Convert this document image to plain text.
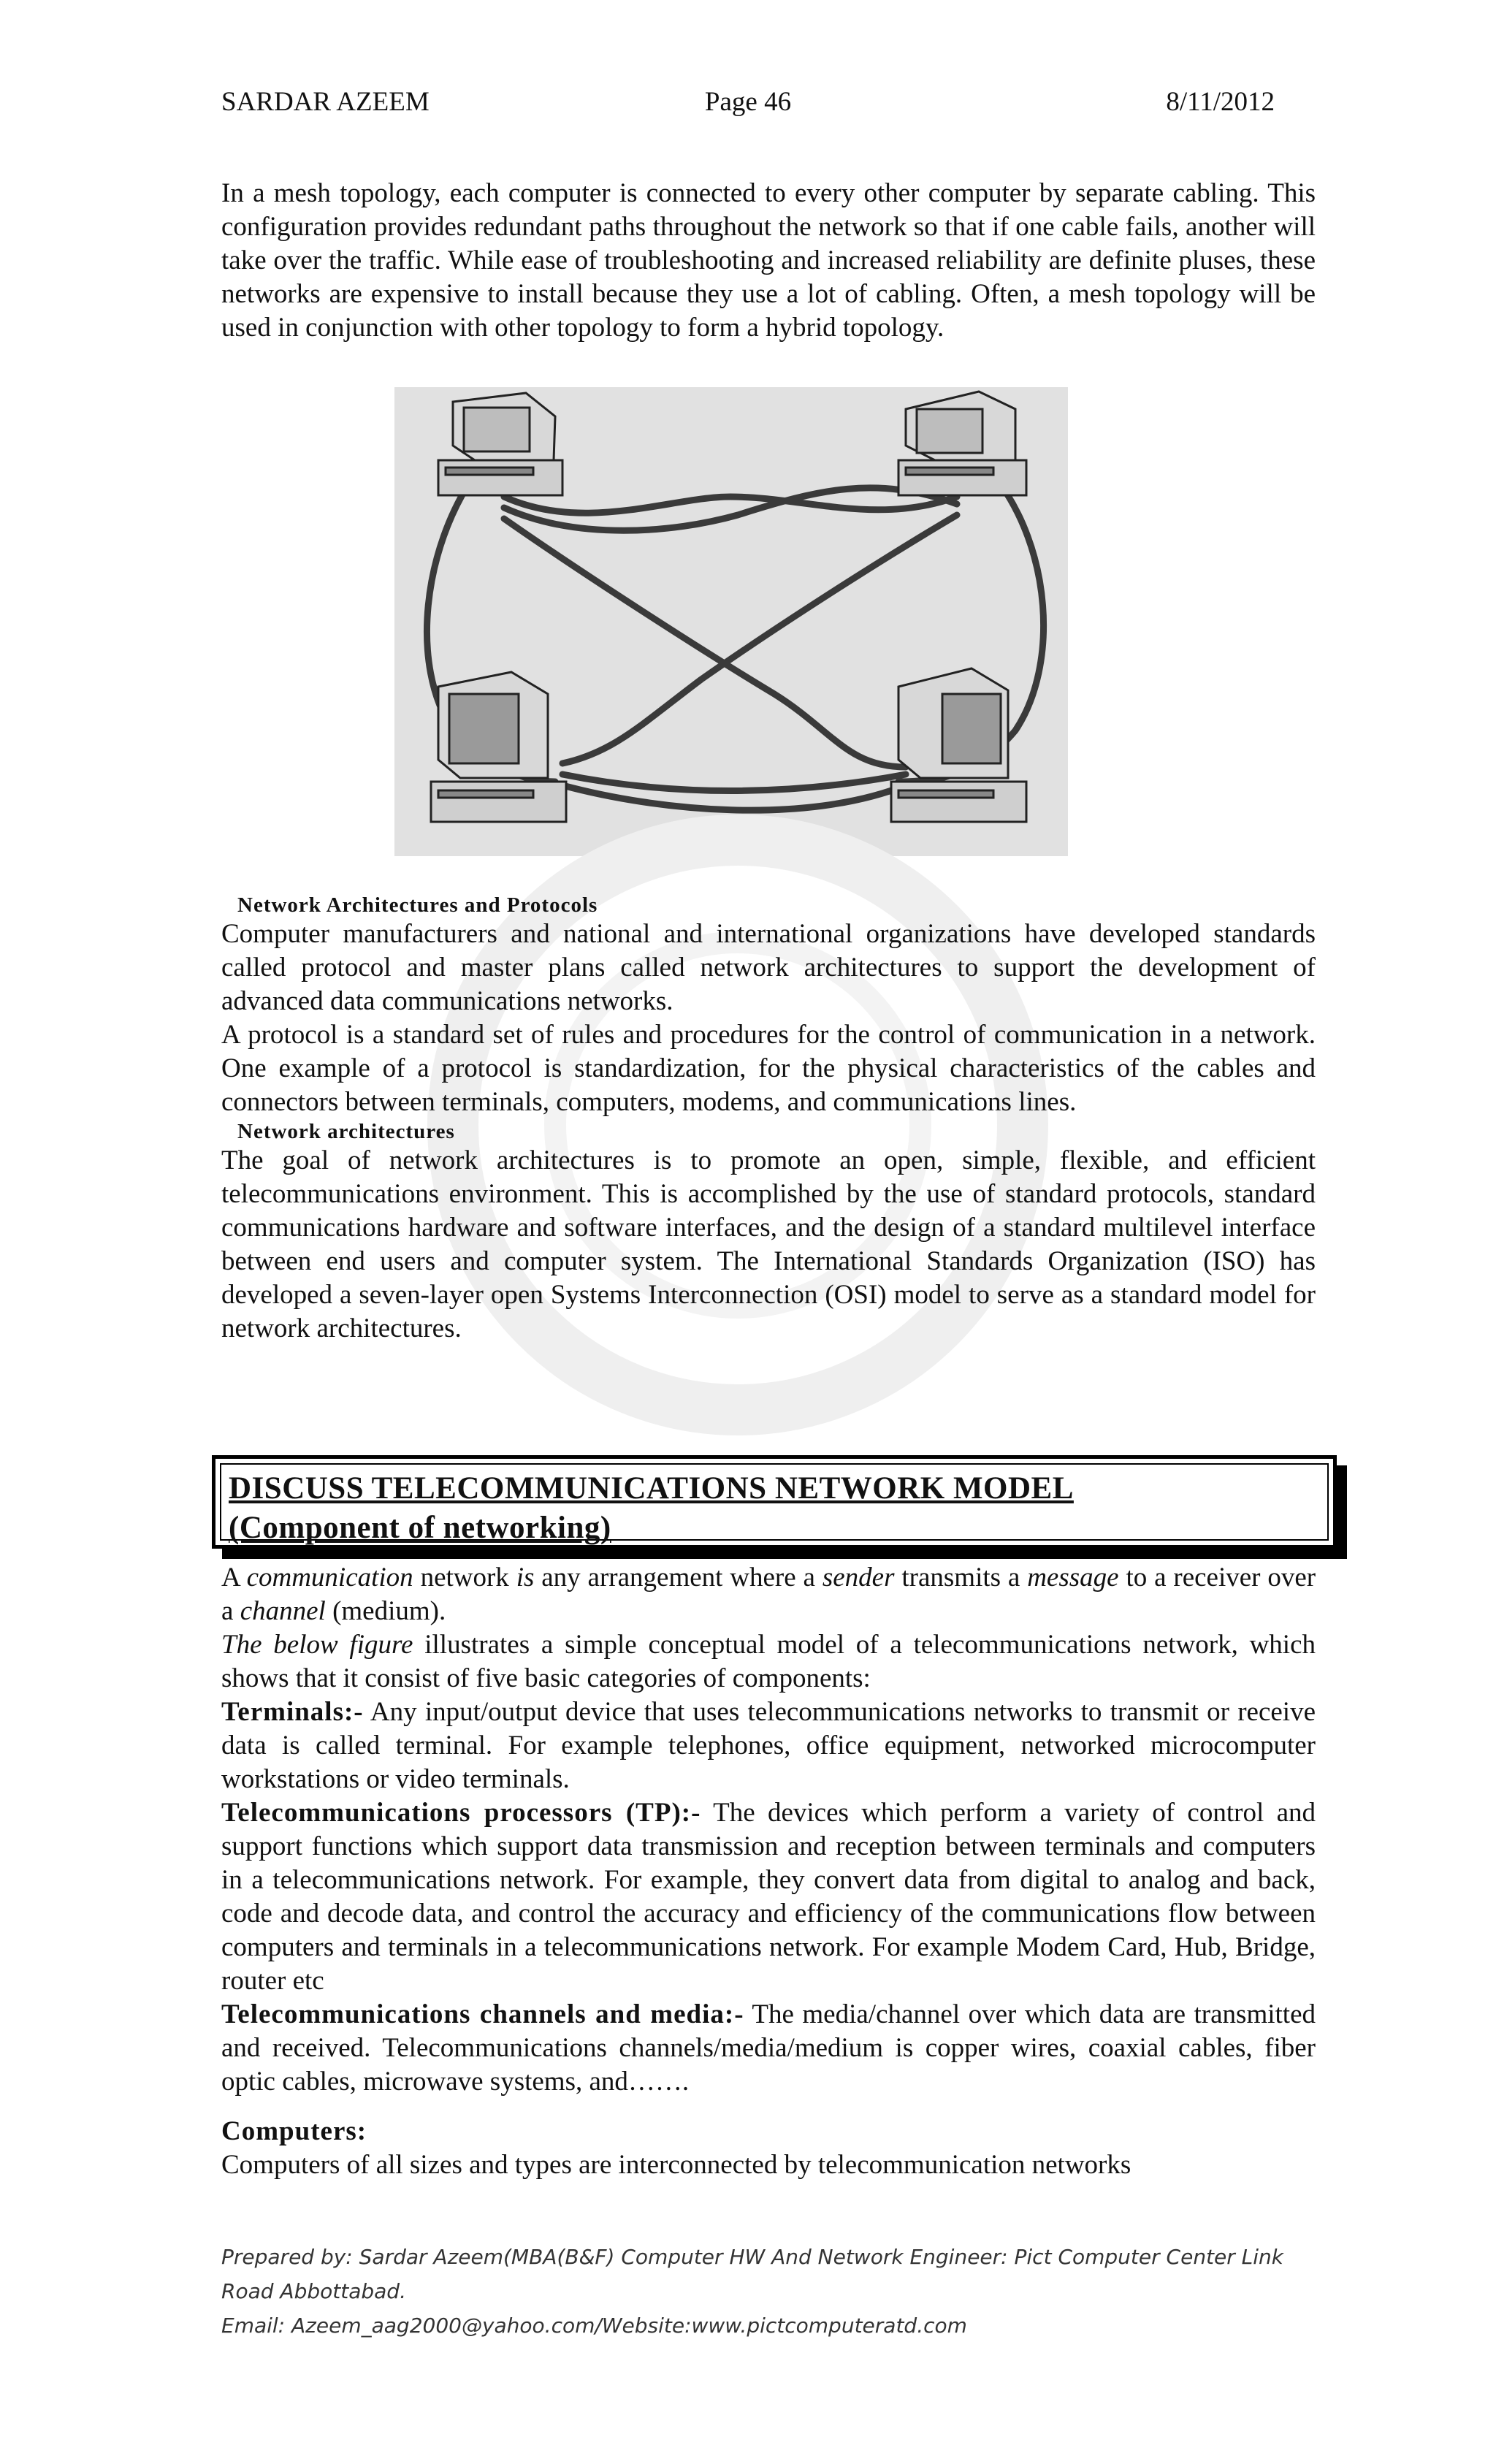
SARDAR AZEEM	Page 46	8/11/2012

In a mesh topology, each computer is connected to every other computer by separate cabling. This configuration provides redundant paths throughout the network so that if one cable fails, another will take over the traffic. While ease of troubleshooting and increased reliability are definite pluses, these networks are expensive to install because they use a lot of cabling. Often, a mesh topology will be used in conjunction with other topology to form a hybrid topology.

Network Architectures and Protocols

Computer manufacturers and national and international organizations have developed standards called protocol and master plans called network architectures to support the development of advanced data communications networks.

A protocol is a standard set of rules and procedures for the control of communication in a network. One example of a protocol is standardization, for the physical characteristics of the cables and connectors between terminals, computers, modems, and communications lines.

Network architectures

The goal of network architectures is to promote an open, simple, flexible, and efficient telecommunications environment. This is accomplished by the use of standard protocols, standard communications hardware and software interfaces, and the design of a standard multilevel interface between end users and computer system. The International Standards Organization (ISO) has developed a seven-layer open Systems Interconnection (OSI) model to serve as a standard model for network architectures.

DISCUSS TELECOMMUNICATIONS NETWORK MODEL

(Component of networking)

A communication network is any arrangement where a sender transmits a message to a receiver over a channel (medium).

The below figure illustrates a simple conceptual model of a telecommunications network, which shows that it consist of five basic categories of components:

Terminals:- Any input/output device that uses telecommunications networks to transmit or receive data is called terminal. For example telephones, office equipment, networked microcomputer workstations or video terminals.

Telecommunications processors (TP):- The devices which perform a variety of control and support functions which support data transmission and reception between terminals and computers in a telecommunications network. For example, they convert data from digital to analog and back, code and decode data, and control the accuracy and efficiency of the communications flow between computers and terminals in a telecommunications network. For example Modem Card, Hub, Bridge, router etc

Telecommunications channels and media:- The media/channel over which data are transmitted and received. Telecommunications channels/media/medium is copper wires, coaxial cables, fiber optic cables, microwave systems, and…….

Computers:

Computers of all sizes and types are interconnected by telecommunication networks

Prepared by: Sardar Azeem(MBA(B&F) Computer HW And Network Engineer: Pict Computer Center Link Road Abbottabad.
Email: Azeem_aag2000@yahoo.com/Website:www.pictcomputeratd.com
